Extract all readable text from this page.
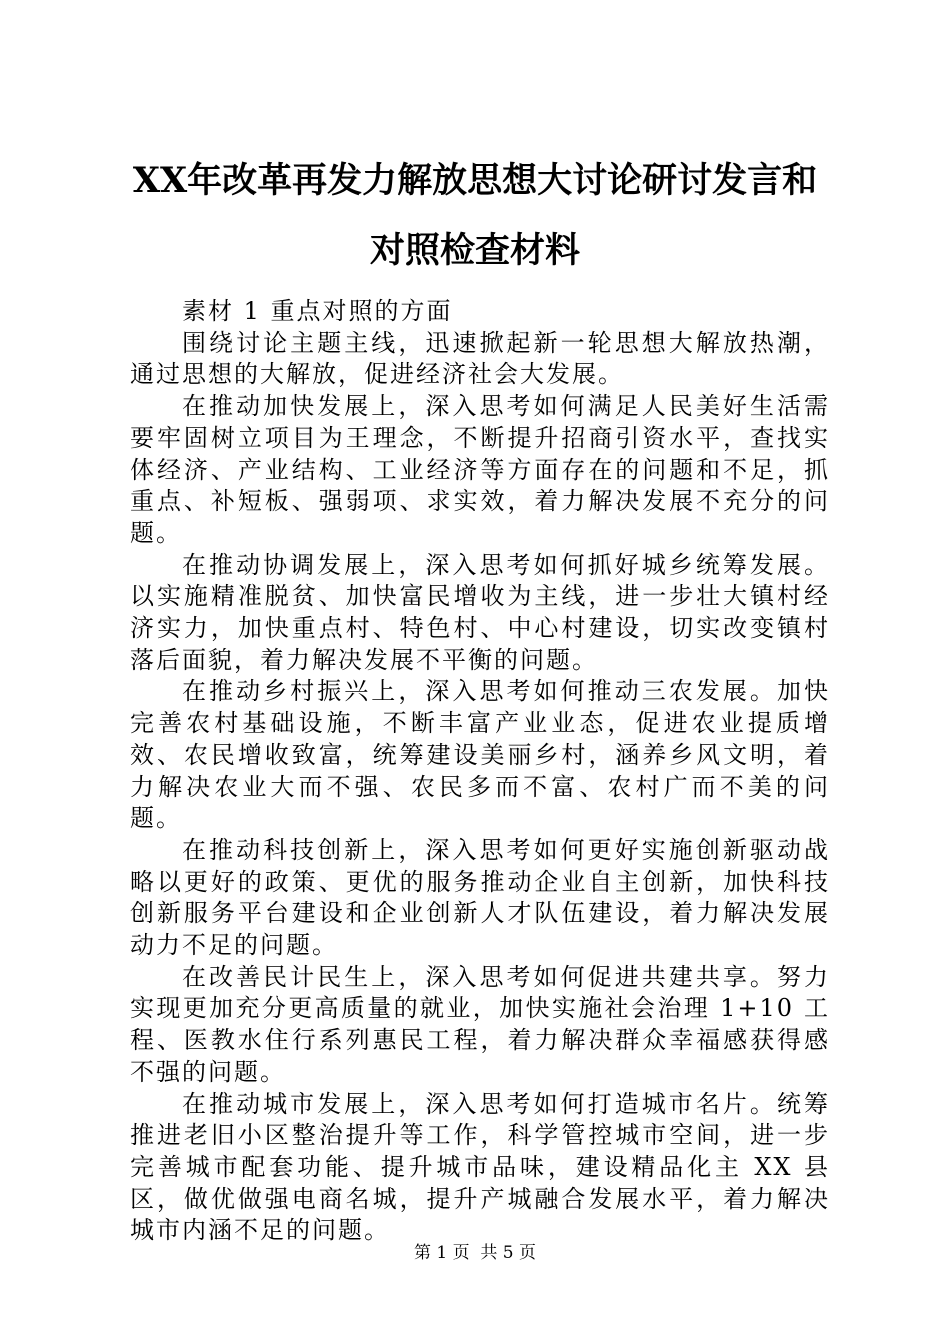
XX年改革再发力解放思想大讨论研讨发言和
对照检查材料

素材 1 重点对照的方面

围绕讨论主题主线，迅速掀起新一轮思想大解放热潮，通过思想的大解放，促进经济社会大发展。

在推动加快发展上，深入思考如何满足人民美好生活需要牢固树立项目为王理念，不断提升招商引资水平，查找实体经济、产业结构、工业经济等方面存在的问题和不足，抓重点、补短板、强弱项、求实效，着力解决发展不充分的问题。

在推动协调发展上，深入思考如何抓好城乡统筹发展。以实施精准脱贫、加快富民增收为主线，进一步壮大镇村经济实力，加快重点村、特色村、中心村建设，切实改变镇村落后面貌，着力解决发展不平衡的问题。

在推动乡村振兴上，深入思考如何推动三农发展。加快完善农村基础设施，不断丰富产业业态，促进农业提质增效、农民增收致富，统筹建设美丽乡村，涵养乡风文明，着力解决农业大而不强、农民多而不富、农村广而不美的问题。

在推动科技创新上，深入思考如何更好实施创新驱动战略以更好的政策、更优的服务推动企业自主创新，加快科技创新服务平台建设和企业创新人才队伍建设，着力解决发展动力不足的问题。

在改善民计民生上，深入思考如何促进共建共享。努力实现更加充分更高质量的就业，加快实施社会治理 1+10 工程、医教水住行系列惠民工程，着力解决群众幸福感获得感不强的问题。

在推动城市发展上，深入思考如何打造城市名片。统筹推进老旧小区整治提升等工作，科学管控城市空间，进一步完善城市配套功能、提升城市品味，建设精品化主 XX 县区，做优做强电商名城，提升产城融合发展水平，着力解决城市内涵不足的问题。

第 1 页  共 5 页
